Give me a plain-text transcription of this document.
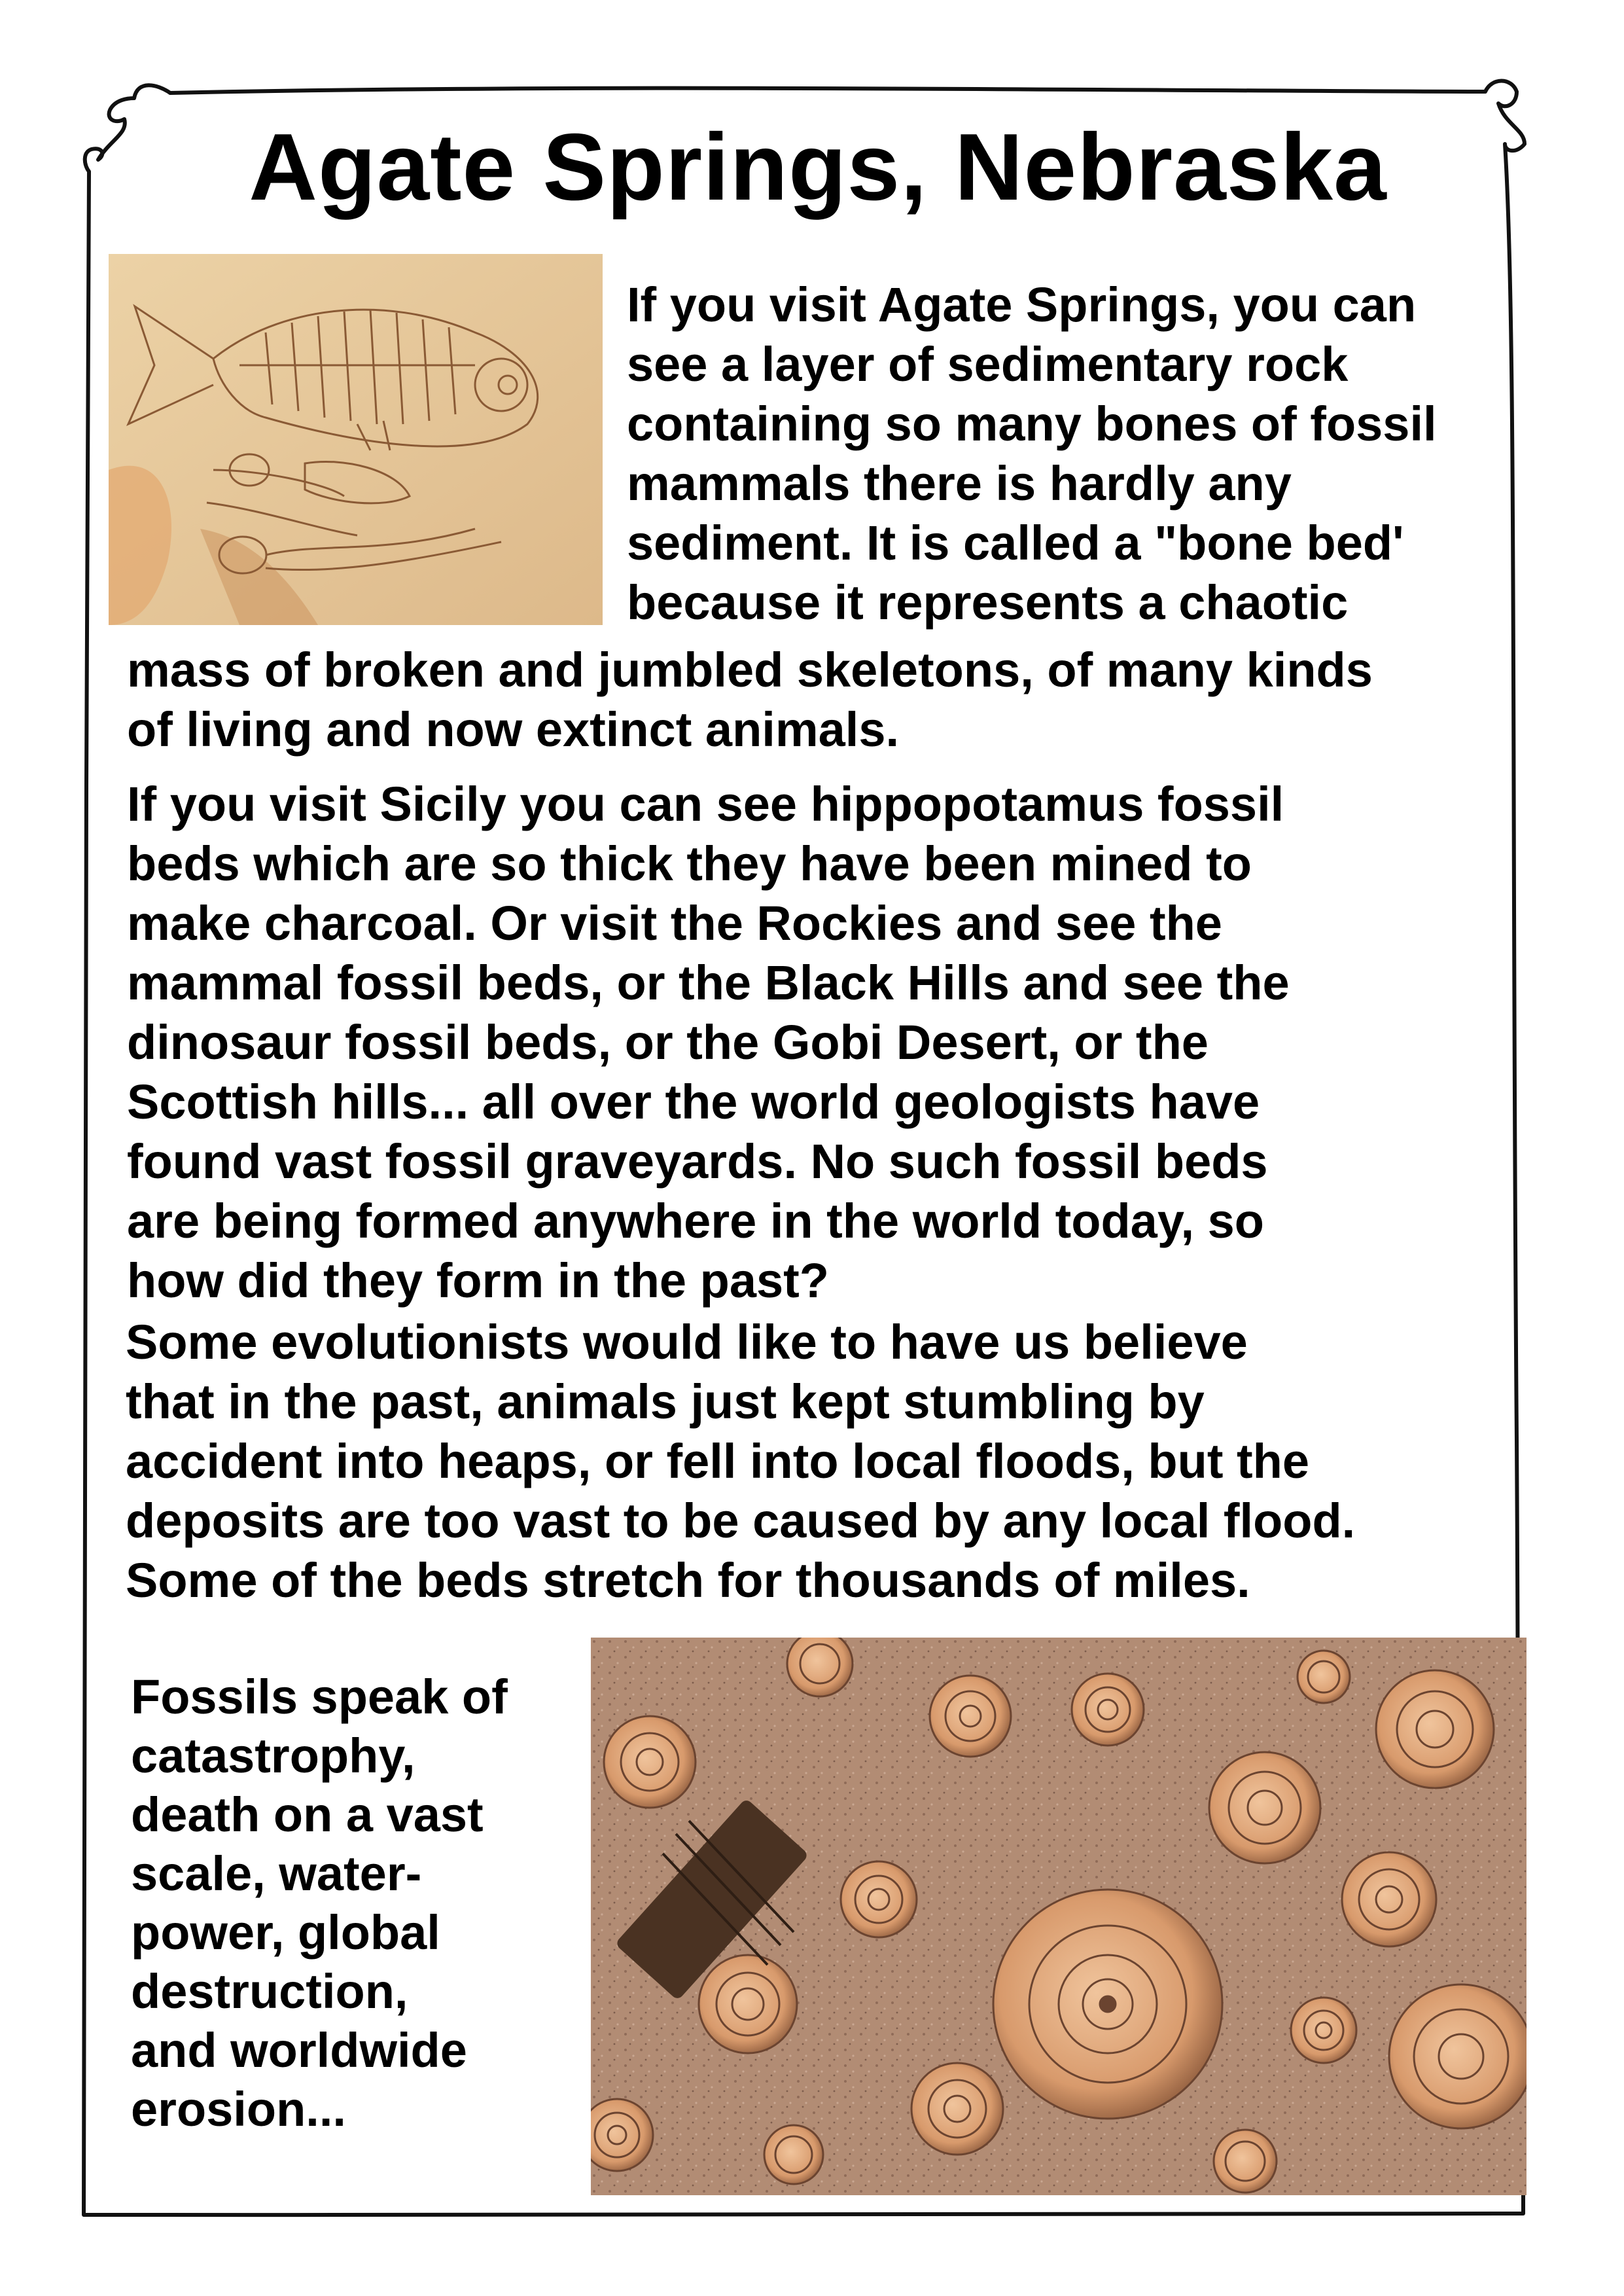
Agate Springs, Nebraska

If you visit Agate Springs, you can
see a layer of sedimentary rock
containing so many bones of fossil
mammals there is hardly any
sediment. It is called a "bone bed'
because it represents a chaotic

mass of broken and jumbled skeletons, of many kinds
of living and now extinct animals.

If you visit Sicily you can see hippopotamus fossil
beds which are so thick they have been mined to
make charcoal. Or visit the Rockies and see the
mammal fossil beds, or the Black Hills and see the
dinosaur fossil beds, or the Gobi Desert, or the
Scottish hills... all over the world geologists have
found vast fossil graveyards. No such fossil beds
are being formed anywhere in the world today, so
how did they form in the past?

Some evolutionists would like to have us believe
that in the past, animals just kept stumbling by
accident into heaps, or fell into local floods, but the
deposits are too vast to be caused by any local flood.
Some of the beds stretch for thousands of miles.

Fossils speak of
catastrophy,
death on a vast
scale, water-
power, global
destruction,
and worldwide
erosion...
